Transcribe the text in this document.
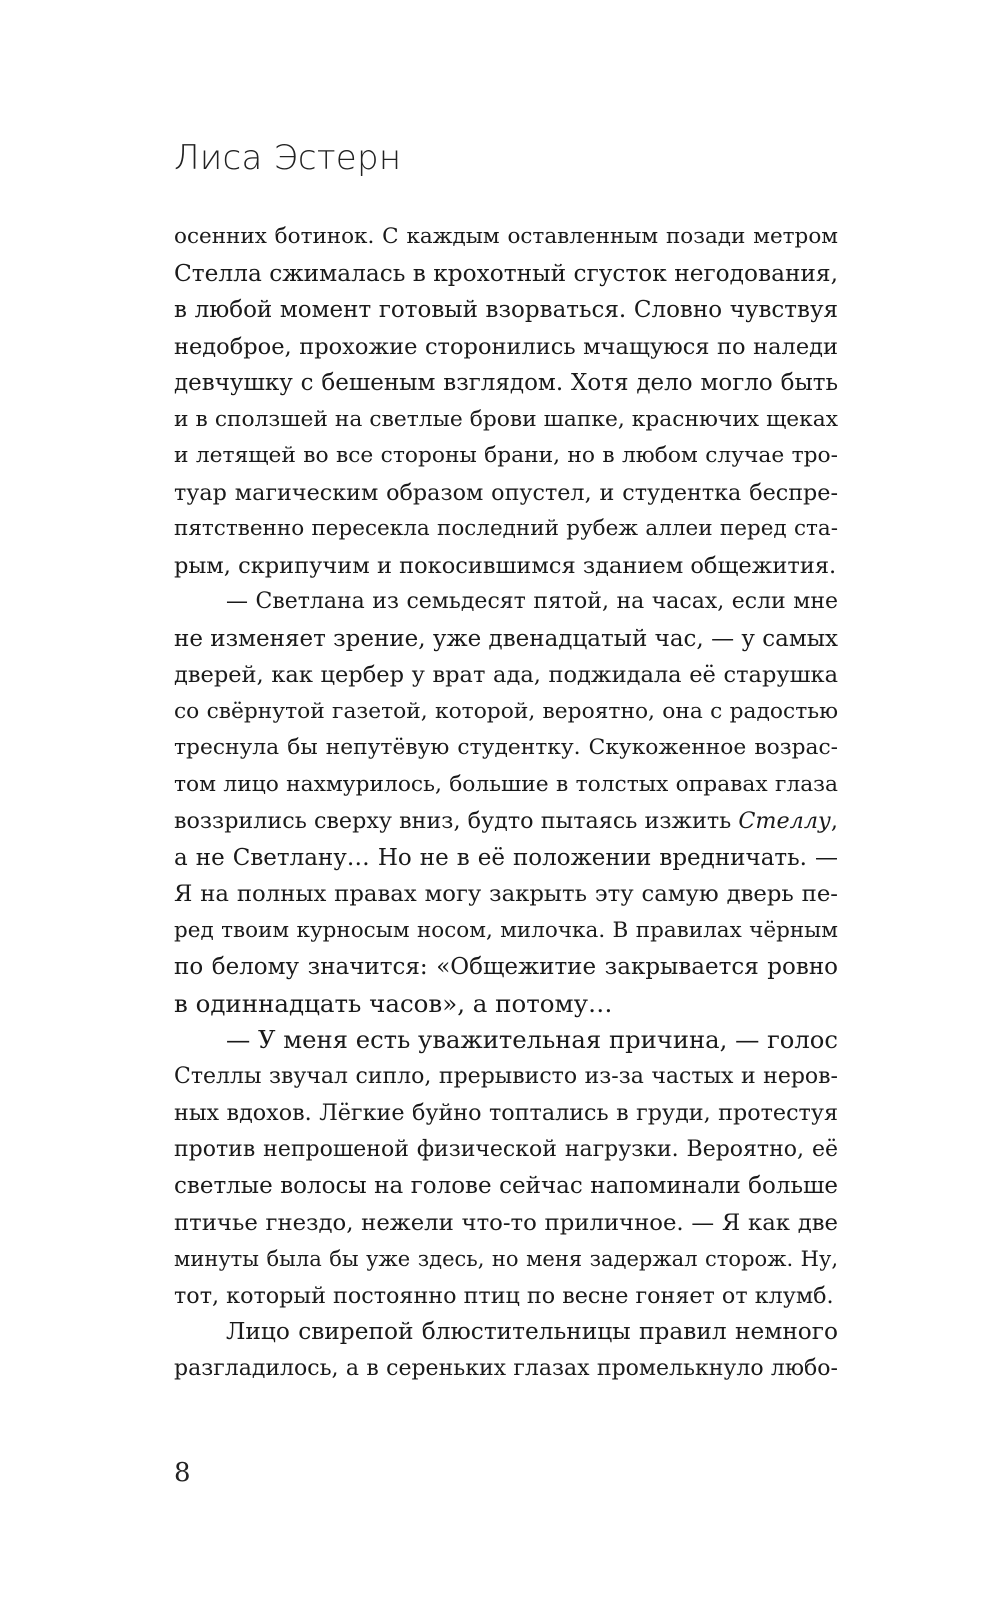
Лиса Эстерн
осенних ботинок. С каждым оставленным позади метром
Стелла сжималась в крохотный сгусток негодования,
в любой момент готовый взорваться. Словно чувствуя
недоброе, прохожие сторонились мчащуюся по наледи
девчушку с бешеным взглядом. Хотя дело могло быть
и в сползшей на светлые брови шапке, краснючих щеках
и летящей во все стороны брани, но в любом случае тро-
туар магическим образом опустел, и студентка беспре-
пятственно пересекла последний рубеж аллеи перед ста-
рым, скрипучим и покосившимся зданием общежития.
— Светлана из семьдесят пятой, на часах, если мне
не изменяет зрение, уже двенадцатый час, — у самых
дверей, как цербер у врат ада, поджидала её старушка
со свёрнутой газетой, которой, вероятно, она с радостью
треснула бы непутёвую студентку. Скукоженное возрас-
том лицо нахмурилось, большие в толстых оправах глаза
воззрились сверху вниз, будто пытаясь изжить Стеллу,
а не Светлану… Но не в её положении вредничать. —
Я на полных правах могу закрыть эту самую дверь пе-
ред твоим курносым носом, милочка. В правилах чёрным
по белому значится: «Общежитие закрывается ровно
в одиннадцать часов», а потому…
— У меня есть уважительная причина, — голос
Стеллы звучал сипло, прерывисто из-за частых и неров-
ных вдохов. Лёгкие буйно топтались в груди, протестуя
против непрошеной физической нагрузки. Вероятно, её
светлые волосы на голове сейчас напоминали больше
птичье гнездо, нежели что-то приличное. — Я как две
минуты была бы уже здесь, но меня задержал сторож. Ну,
тот, который постоянно птиц по весне гоняет от клумб.
Лицо свирепой блюстительницы правил немного
разгладилось, а в сереньких глазах промелькнуло любо-
8
